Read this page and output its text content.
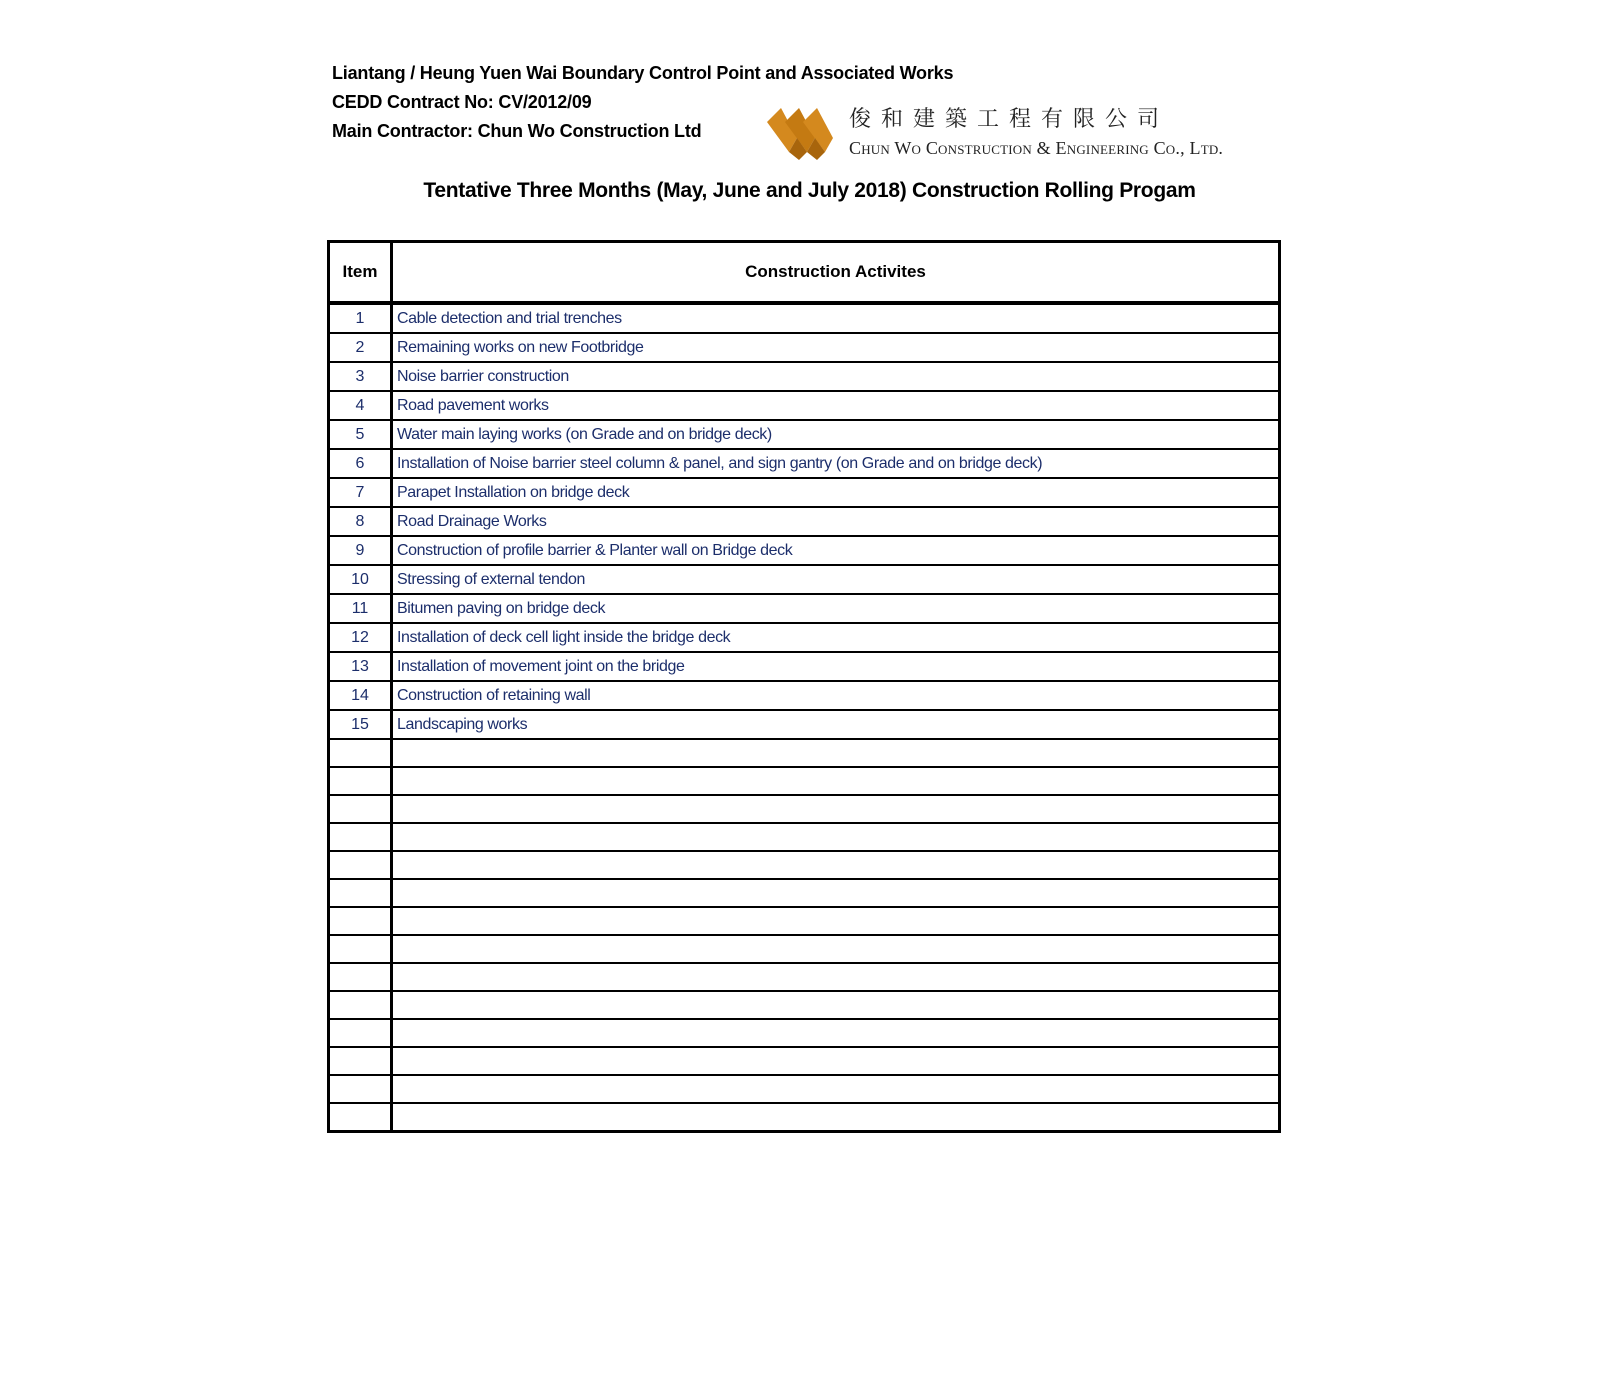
Liantang / Heung Yuen Wai Boundary Control Point and Associated Works
CEDD Contract No: CV/2012/09
Main Contractor: Chun Wo Construction Ltd	俊和建築工程有限公司
Chun Wo Construction & Engineering Co., Ltd.
Tentative Three Months (May, June and July 2018) Construction Rolling Progam
Item	Construction Activites
1	Cable detection and trial trenches
2	Remaining works on new Footbridge
3	Noise barrier construction
4	Road pavement works
5	Water main laying works (on Grade and on bridge deck)
6	Installation of Noise barrier steel column & panel, and sign gantry (on Grade and on bridge deck)
7	Parapet Installation on bridge deck
8	Road Drainage Works
9	Construction of profile barrier & Planter wall on Bridge deck
10	Stressing of external tendon
11	Bitumen paving on bridge deck
12	Installation of deck cell light inside the bridge deck
13	Installation of movement joint on the bridge
14	Construction of retaining wall
15	Landscaping works
